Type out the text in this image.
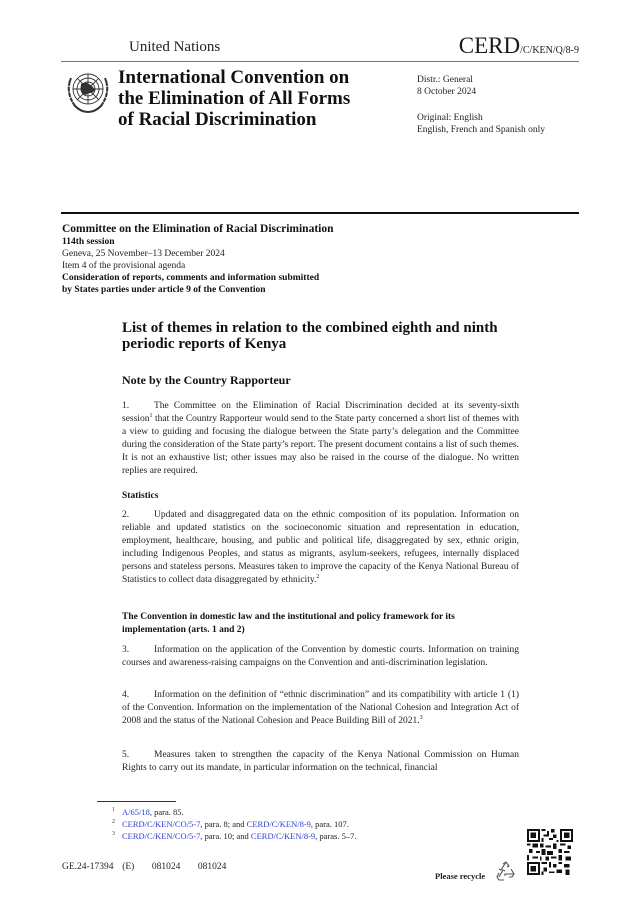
United Nations	CERD/C/KEN/Q/8-9
International Convention on
the Elimination of All Forms
of Racial Discrimination
Distr.: General
8 October 2024
Original: English
English, French and Spanish only
Committee on the Elimination of Racial Discrimination
114th session
Geneva, 25 November–13 December 2024
Item 4 of the provisional agenda
Consideration of reports, comments and information submitted
by States parties under article 9 of the Convention
List of themes in relation to the combined eighth and ninth
periodic reports of Kenya
Note by the Country Rapporteur
1.	The Committee on the Elimination of Racial Discrimination decided at its seventy-sixth session$^1$ that the Country Rapporteur would send to the State party concerned a short list of themes with a view to guiding and focusing the dialogue between the State party’s delegation and the Committee during the consideration of the State party’s report. The present document contains a list of such themes. It is not an exhaustive list; other issues may also be raised in the course of the dialogue. No written replies are required.
Statistics
2.	Updated and disaggregated data on the ethnic composition of its population. Information on reliable and updated statistics on the socioeconomic situation and representation in education, employment, healthcare, housing, and public and political life, disaggregated by sex, ethnic origin, including Indigenous Peoples, and status as migrants, asylum-seekers, refugees, internally displaced persons and stateless persons. Measures taken to improve the capacity of the Kenya National Bureau of Statistics to collect data disaggregated by ethnicity.$^2$
The Convention in domestic law and the institutional and policy framework for its implementation (arts. 1 and 2)
3.	Information on the application of the Convention by domestic courts. Information on training courses and awareness-raising campaigns on the Convention and anti-discrimination legislation.
4.	Information on the definition of “ethnic discrimination” and its compatibility with article 1 (1) of the Convention. Information on the implementation of the National Cohesion and Integration Act of 2008 and the status of the National Cohesion and Peace Building Bill of 2021.$^3$
5.	Measures taken to strengthen the capacity of the Kenya National Commission on Human Rights to carry out its mandate, in particular information on the technical, financial
$^1$ A/65/18, para. 85.
$^2$ CERD/C/KEN/CO/5-7, para. 8; and CERD/C/KEN/8-9, para. 107.
$^3$ CERD/C/KEN/CO/5-7, para. 10; and CERD/C/KEN/8-9, paras. 5–7.
GE.24-17394  (E)    081024    081024
Please recycle
